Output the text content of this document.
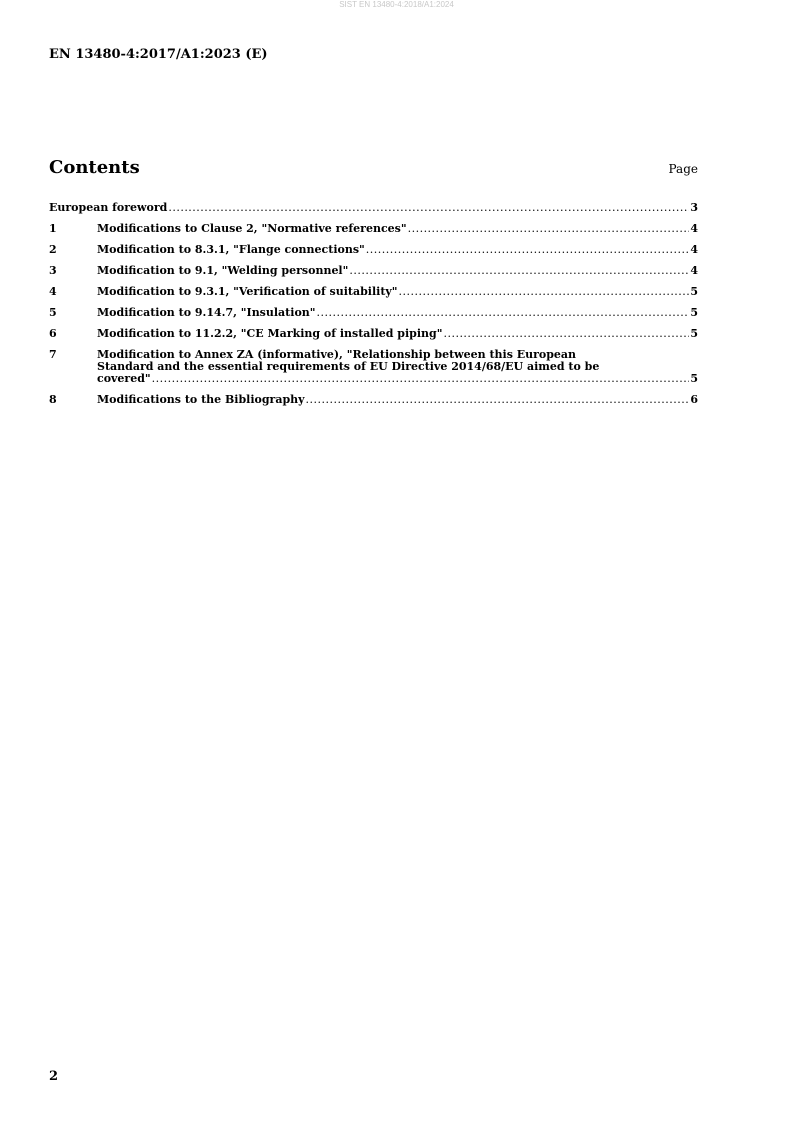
SIST EN 13480-4:2018/A1:2024
EN 13480-4:2017/A1:2023 (E)
Contents	Page
European foreword .....	3
1	Modifications to Clause 2, "Normative references" .....	4
2	Modification to 8.3.1, "Flange connections" .....	4
3	Modification to 9.1, "Welding personnel" .....	4
4	Modification to 9.3.1, "Verification of suitability" .....	5
5	Modification to 9.14.7, "Insulation" .....	5
6	Modification to 11.2.2, "CE Marking of installed piping" .....	5
7	Modification to Annex ZA (informative), "Relationship between this European
Standard and the essential requirements of EU Directive 2014/68/EU aimed to be
covered" .....	5
8	Modifications to the Bibliography .....	6
2
